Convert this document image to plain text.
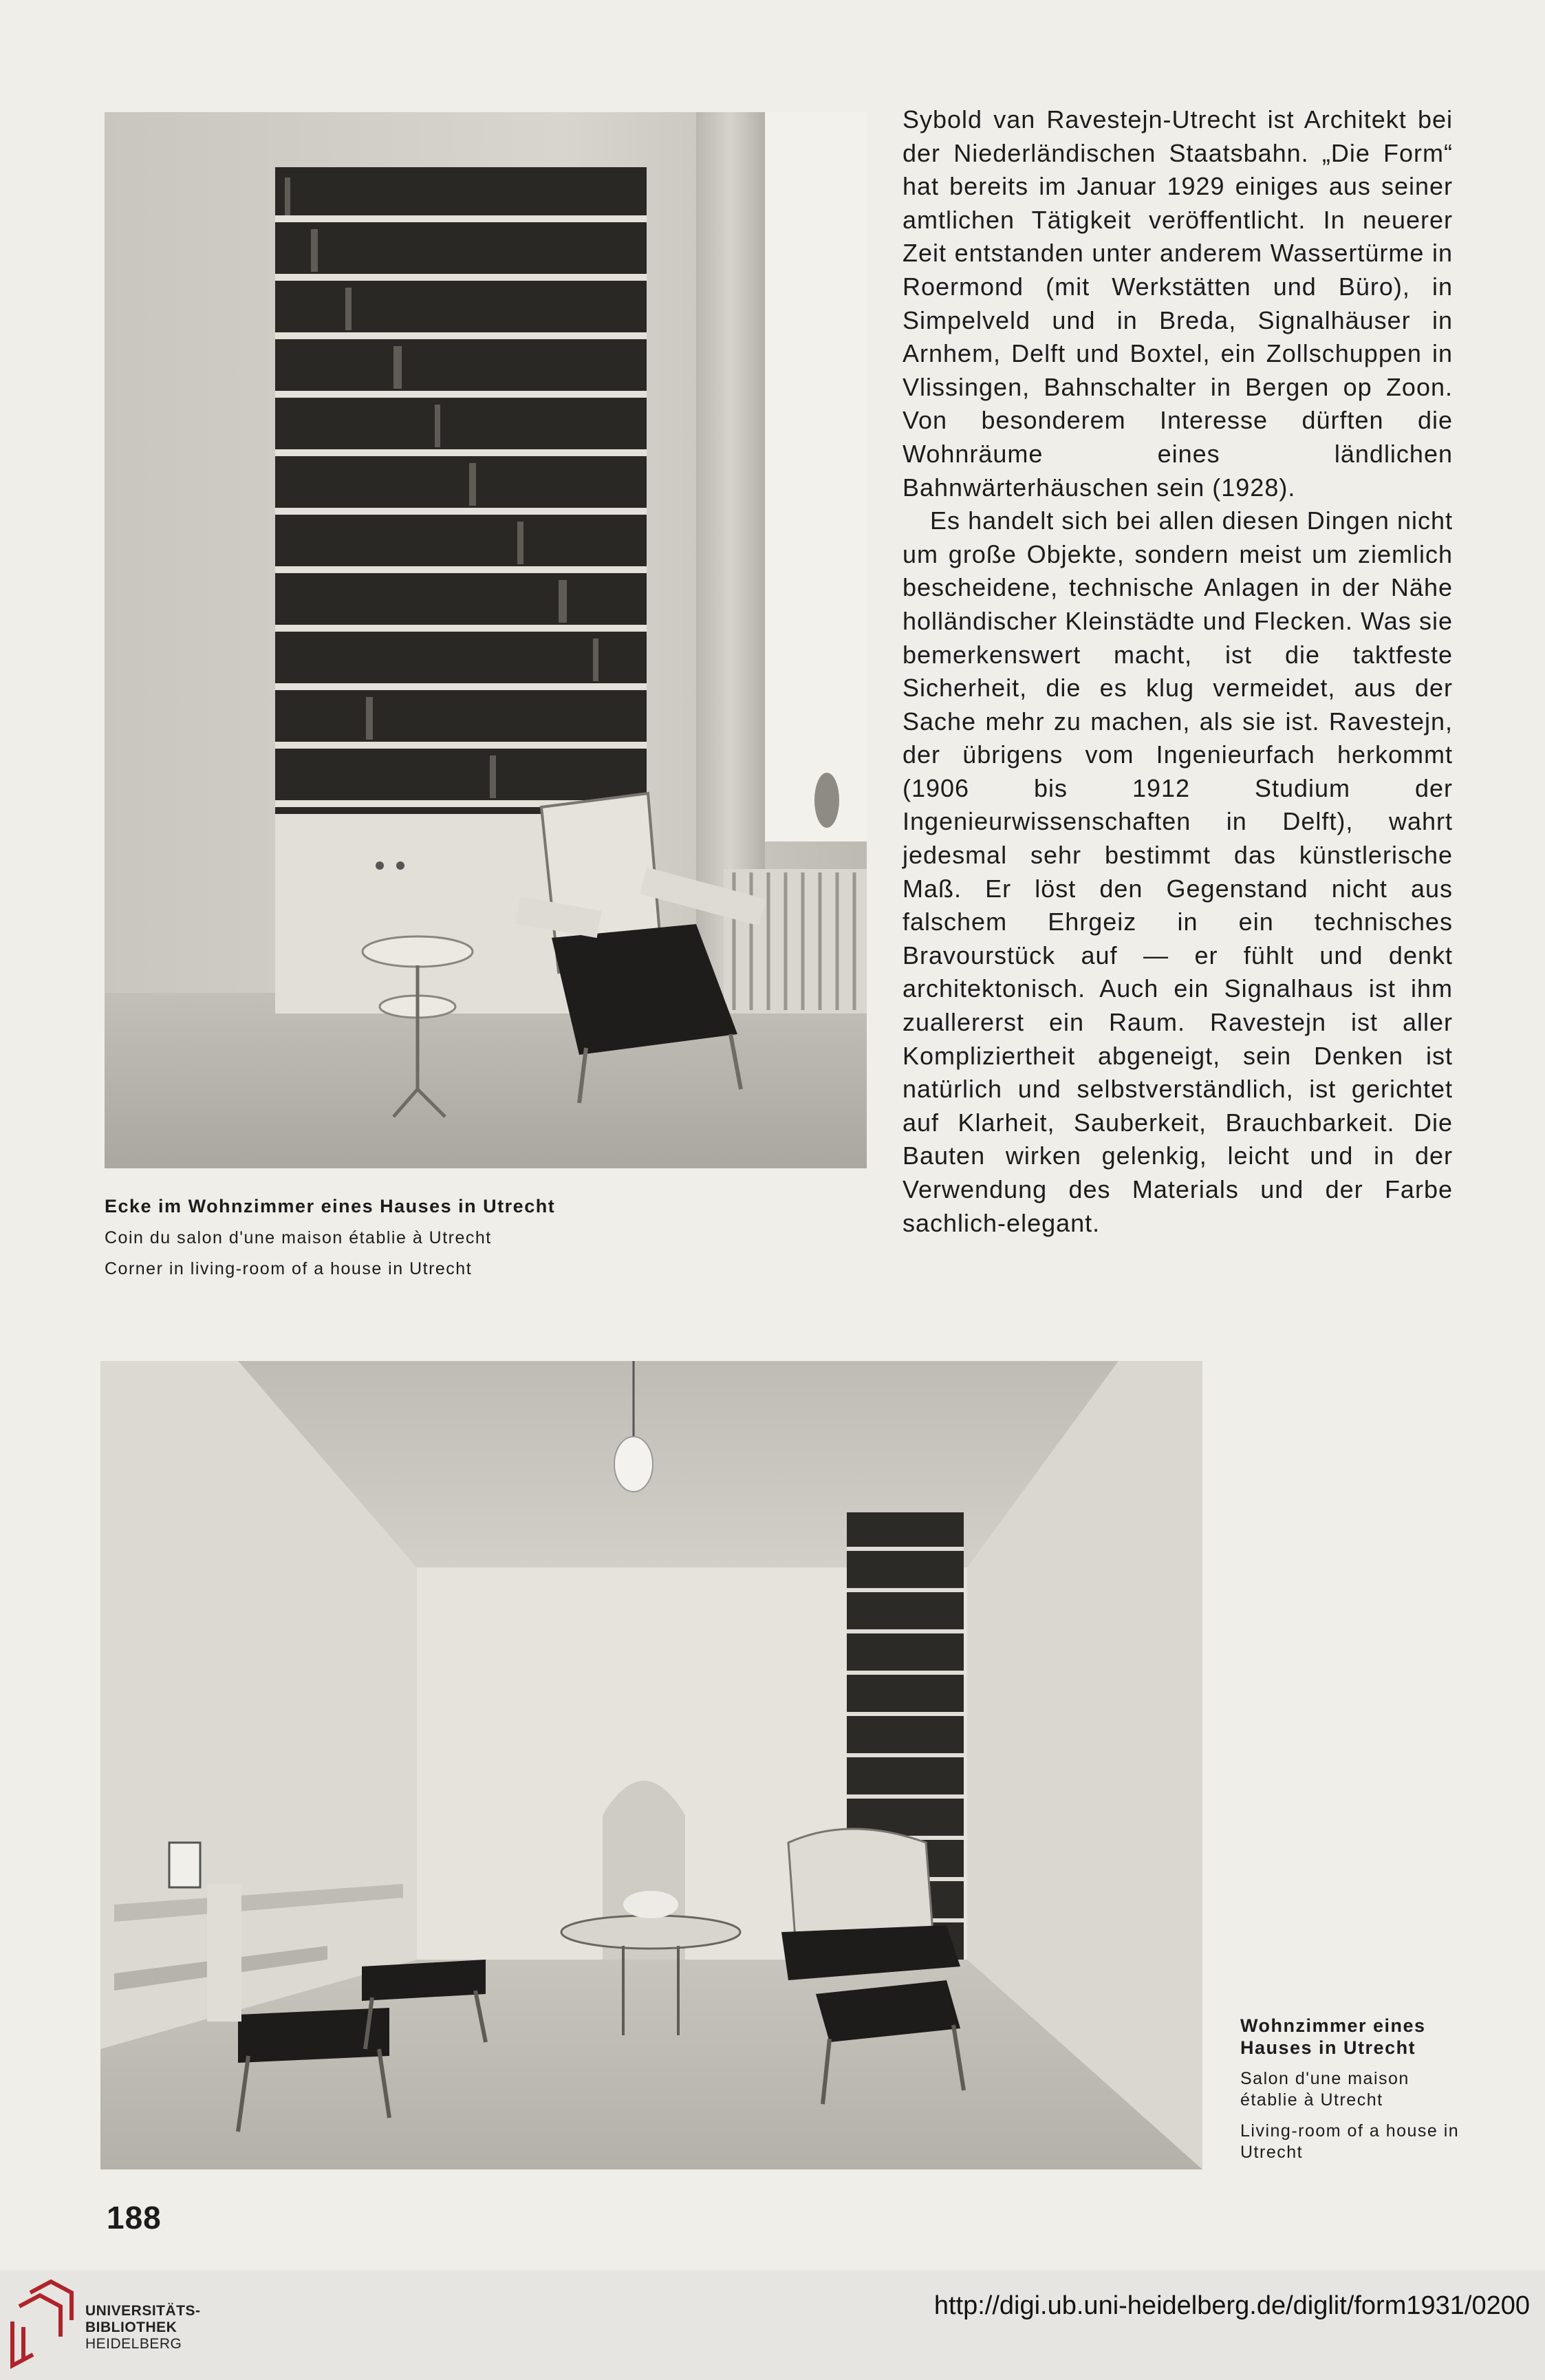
Sybold van Ravestejn-Utrecht ist Architekt bei der Niederländischen Staatsbahn. „Die Form“ hat bereits im Januar 1929 einiges aus seiner amtlichen Tätigkeit veröffentlicht. In neuerer Zeit entstanden unter anderem Wassertürme in Roermond (mit Werkstätten und Büro), in Simpelveld und in Breda, Signalhäuser in Arnhem, Delft und Boxtel, ein Zollschuppen in Vlissingen, Bahnschalter in Bergen op Zoon. Von besonderem Interesse dürften die Wohnräume eines ländlichen Bahnwärterhäuschen sein (1928).

Es handelt sich bei allen diesen Dingen nicht um große Objekte, sondern meist um ziemlich bescheidene, technische Anlagen in der Nähe holländischer Kleinstädte und Flecken. Was sie bemerkenswert macht, ist die taktfeste Sicherheit, die es klug vermeidet, aus der Sache mehr zu machen, als sie ist. Ravestejn, der übrigens vom Ingenieurfach herkommt (1906 bis 1912 Studium der Ingenieurwissenschaften in Delft), wahrt jedesmal sehr bestimmt das künstlerische Maß. Er löst den Gegenstand nicht aus falschem Ehrgeiz in ein technisches Bravourstück auf — er fühlt und denkt architektonisch. Auch ein Signalhaus ist ihm zuallererst ein Raum. Ravestejn ist aller Kompliziertheit abgeneigt, sein Denken ist natürlich und selbstverständlich, ist gerichtet auf Klarheit, Sauberkeit, Brauchbarkeit. Die Bauten wirken gelenkig, leicht und in der Verwendung des Materials und der Farbe sachlich-elegant.

Ecke im Wohnzimmer eines Hauses in Utrecht
Coin du salon d'une maison établie à Utrecht
Corner in living-room of a house in Utrecht
Wohnzimmer eines Hauses in Utrecht
Salon d'une maison établie à Utrecht
Living-room of a house in Utrecht
188
UNIVERSITÄTS-
BIBLIOTHEK
HEIDELBERG
http://digi.ub.uni-heidelberg.de/diglit/form1931/0200
